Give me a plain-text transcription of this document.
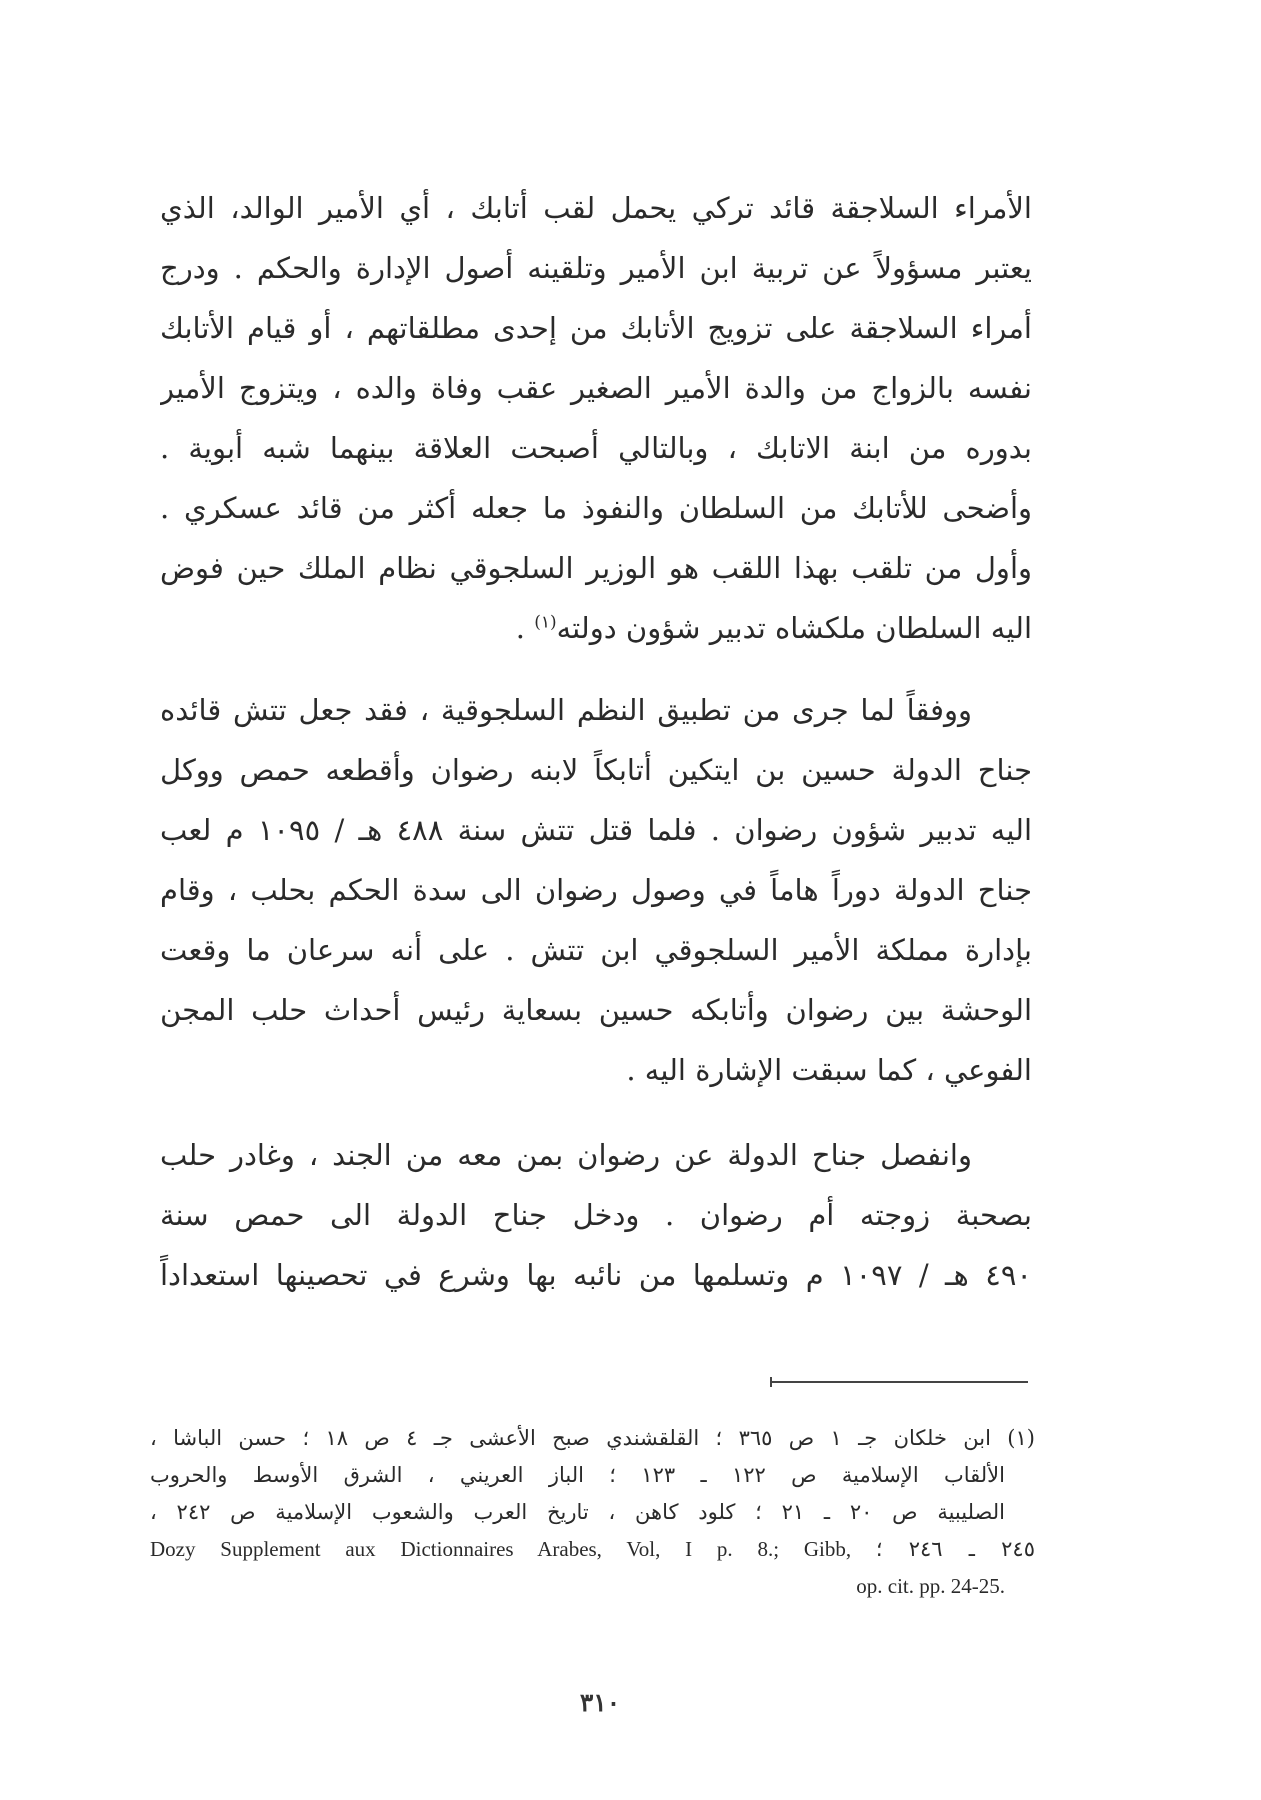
الأمراء السلاجقة قائد تركي يحمل لقب أتابك ، أي الأمير الوالد، الذي
يعتبر مسؤولاً عن تربية ابن الأمير وتلقينه أصول الإدارة والحكم . ودرج
أمراء السلاجقة على تزويج الأتابك من إحدى مطلقاتهم ، أو قيام الأتابك
نفسه بالزواج من والدة الأمير الصغير عقب وفاة والده ، ويتزوج الأمير
بدوره من ابنة الاتابك ، وبالتالي أصبحت العلاقة بينهما شبه أبوية .
وأضحى للأتابك من السلطان والنفوذ ما جعله أكثر من قائد عسكري .
وأول من تلقب بهذا اللقب هو الوزير السلجوقي نظام الملك حين فوض
اليه السلطان ملكشاه تدبير شؤون دولته$^{(١)}$ .
ووفقاً لما جرى من تطبيق النظم السلجوقية ، فقد جعل تتش قائده
جناح الدولة حسين بن ايتكين أتابكاً لابنه رضوان وأقطعه حمص ووكل
اليه تدبير شؤون رضوان . فلما قتل تتش سنة ٤٨٨ هـ / ١٠٩٥ م لعب
جناح الدولة دوراً هاماً في وصول رضوان الى سدة الحكم بحلب ، وقام
بإدارة مملكة الأمير السلجوقي ابن تتش . على أنه سرعان ما وقعت
الوحشة بين رضوان وأتابكه حسين بسعاية رئيس أحداث حلب المجن
الفوعي ، كما سبقت الإشارة اليه .
وانفصل جناح الدولة عن رضوان بمن معه من الجند ، وغادر حلب
بصحبة زوجته أم رضوان . ودخل جناح الدولة الى حمص سنة
٤٩٠ هـ / ١٠٩٧ م وتسلمها من نائبه بها وشرع في تحصينها استعداداً
(١) ابن خلكان جـ ١ ص ٣٦٥ ؛ القلقشندي صبح الأعشى جـ ٤ ص ١٨ ؛ حسن الباشا ،
الألقاب الإسلامية ص ١٢٢ ـ ١٢٣ ؛ الباز العريني ، الشرق الأوسط والحروب
الصليبية ص ٢٠ ـ ٢١ ؛ كلود كاهن ، تاريخ العرب والشعوب الإسلامية ص ٢٤٢ ،
Dozy Supplement aux Dictionnaires Arabes, Vol, I p. 8.; Gibb, ٢٤٥ ـ ٢٤٦ ؛
op. cit. pp. 24-25.
٣١٠
